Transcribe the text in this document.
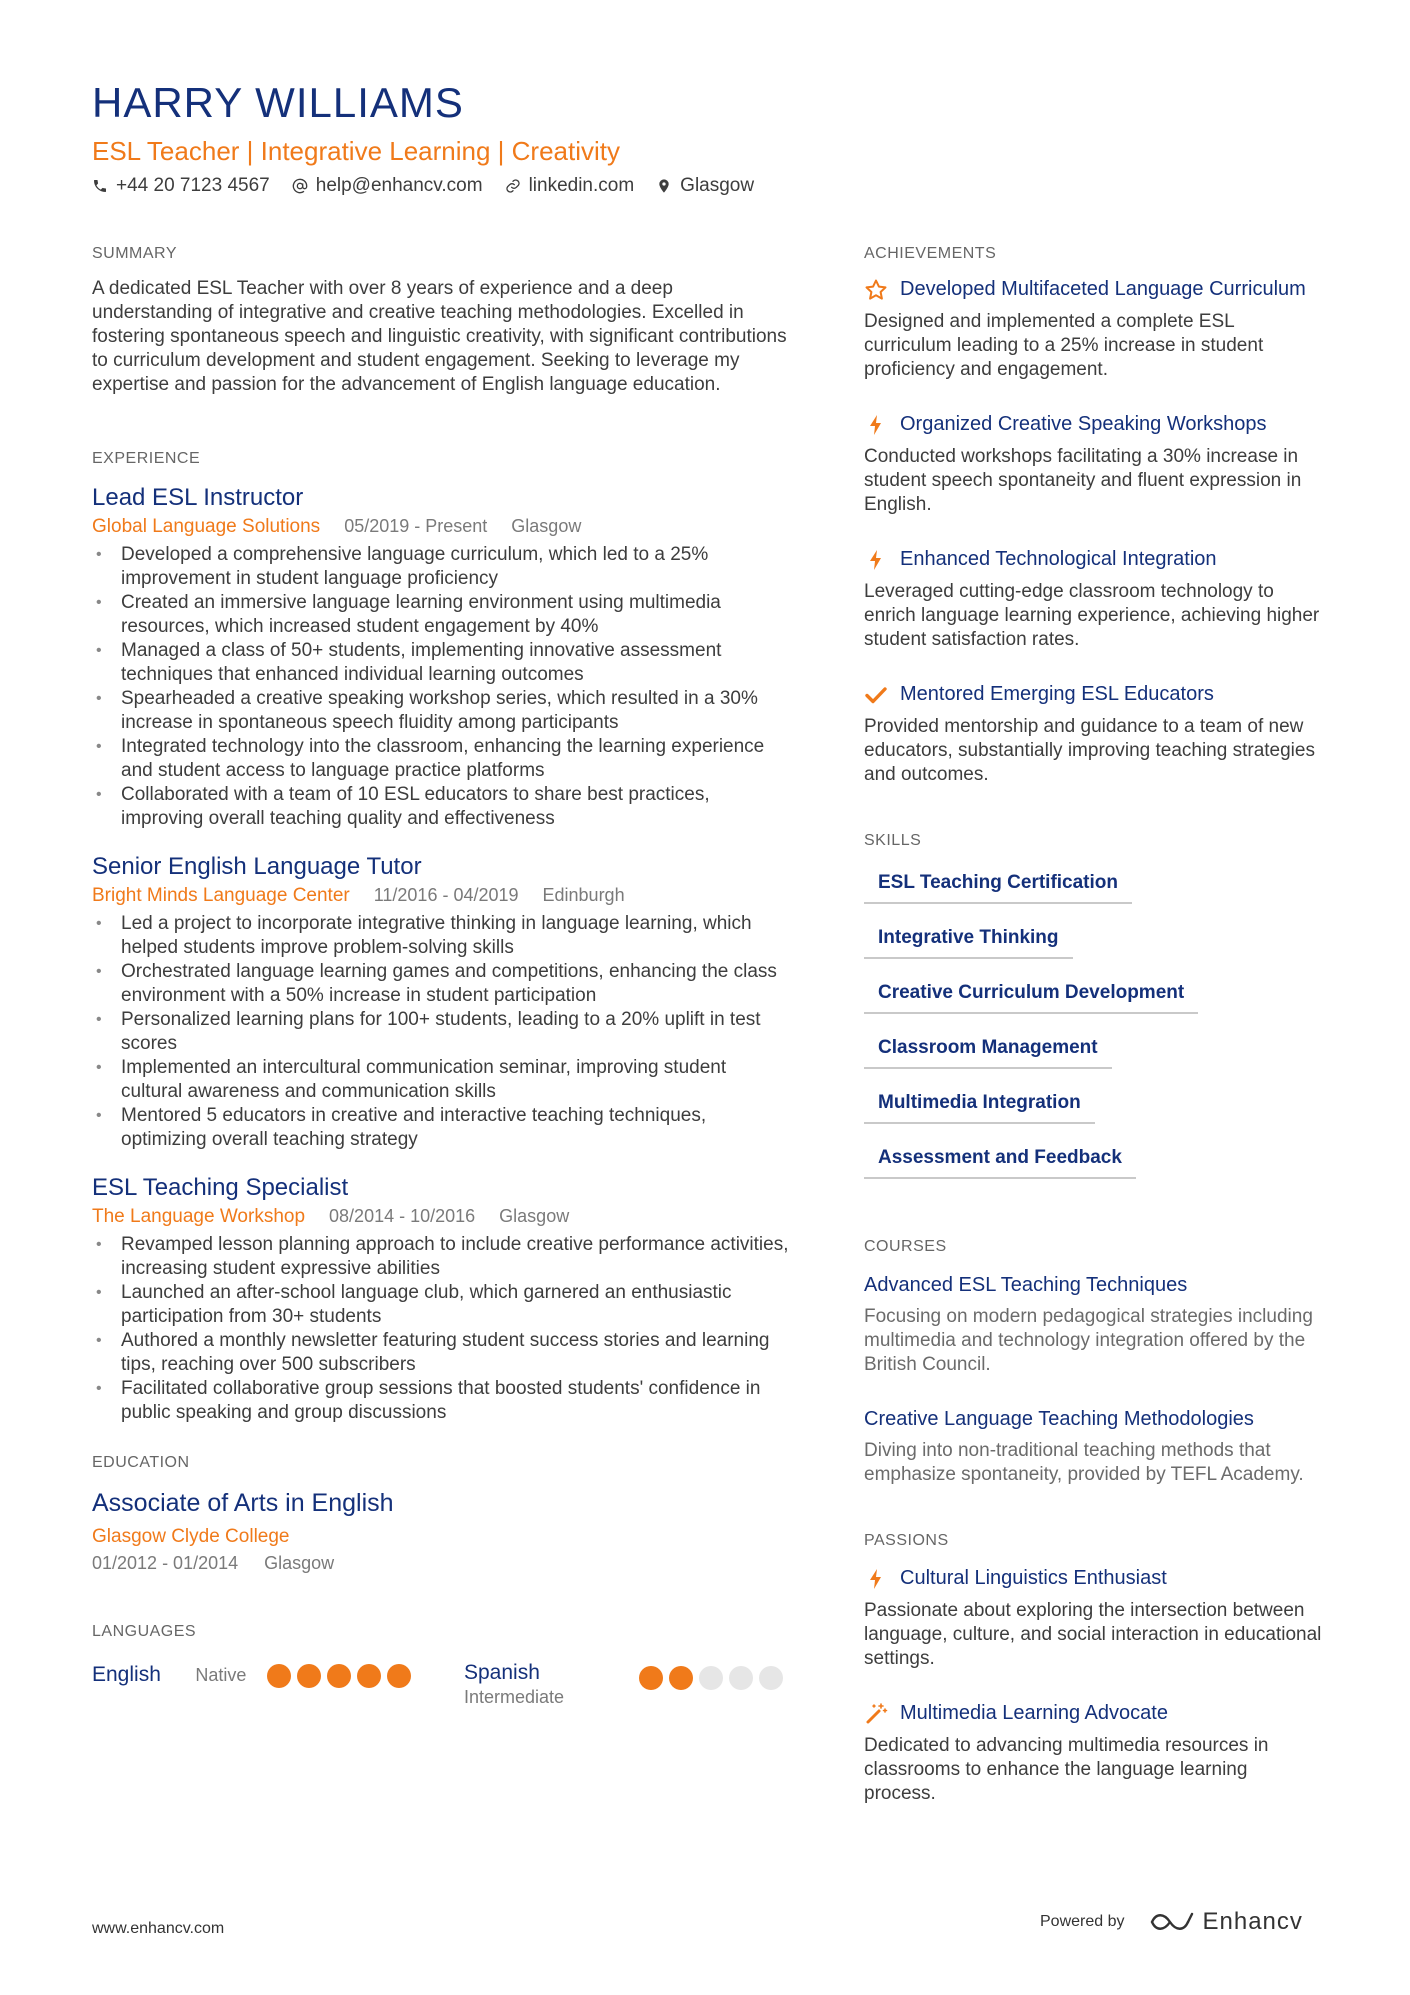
HARRY WILLIAMS
ESL Teacher | Integrative Learning | Creativity
+44 20 7123 4567 help@enhancv.com linkedin.com Glasgow
SUMMARY

A dedicated ESL Teacher with over 8 years of experience and a deep understanding of integrative and creative teaching methodologies. Excelled in fostering spontaneous speech and linguistic creativity, with significant contributions to curriculum development and student engagement. Seeking to leverage my expertise and passion for the advancement of English language education.

EXPERIENCE
Lead ESL Instructor
Global Language Solutions 05/2019 - Present Glasgow
• Developed a comprehensive language curriculum, which led to a 25% improvement in student language proficiency
• Created an immersive language learning environment using multimedia resources, which increased student engagement by 40%
• Managed a class of 50+ students, implementing innovative assessment techniques that enhanced individual learning outcomes
• Spearheaded a creative speaking workshop series, which resulted in a 30% increase in spontaneous speech fluidity among participants
• Integrated technology into the classroom, enhancing the learning experience and student access to language practice platforms
• Collaborated with a team of 10 ESL educators to share best practices, improving overall teaching quality and effectiveness
Senior English Language Tutor
Bright Minds Language Center 11/2016 - 04/2019 Edinburgh
• Led a project to incorporate integrative thinking in language learning, which helped students improve problem-solving skills
• Orchestrated language learning games and competitions, enhancing the class environment with a 50% increase in student participation
• Personalized learning plans for 100+ students, leading to a 20% uplift in test scores
• Implemented an intercultural communication seminar, improving student cultural awareness and communication skills
• Mentored 5 educators in creative and interactive teaching techniques, optimizing overall teaching strategy
ESL Teaching Specialist
The Language Workshop 08/2014 - 10/2016 Glasgow
• Revamped lesson planning approach to include creative performance activities, increasing student expressive abilities
• Launched an after-school language club, which garnered an enthusiastic participation from 30+ students
• Authored a monthly newsletter featuring student success stories and learning tips, reaching over 500 subscribers
• Facilitated collaborative group sessions that boosted students' confidence in public speaking and group discussions
EDUCATION
Associate of Arts in English
Glasgow Clyde College
01/2012 - 01/2014 Glasgow
LANGUAGES
English Native	Spanish
Intermediate
ACHIEVEMENTS
Developed Multifaceted Language Curriculum
Designed and implemented a complete ESL curriculum leading to a 25% increase in student proficiency and engagement.
Organized Creative Speaking Workshops
Conducted workshops facilitating a 30% increase in student speech spontaneity and fluent expression in English.
Enhanced Technological Integration
Leveraged cutting-edge classroom technology to enrich language learning experience, achieving higher student satisfaction rates.
Mentored Emerging ESL Educators
Provided mentorship and guidance to a team of new educators, substantially improving teaching strategies and outcomes.
SKILLS
ESL Teaching Certification
Integrative Thinking
Creative Curriculum Development
Classroom Management
Multimedia Integration
Assessment and Feedback
COURSES
Advanced ESL Teaching Techniques
Focusing on modern pedagogical strategies including multimedia and technology integration offered by the British Council.
Creative Language Teaching Methodologies
Diving into non-traditional teaching methods that emphasize spontaneity, provided by TEFL Academy.
PASSIONS
Cultural Linguistics Enthusiast
Passionate about exploring the intersection between language, culture, and social interaction in educational settings.
Multimedia Learning Advocate
Dedicated to advancing multimedia resources in classrooms to enhance the language learning process.
www.enhancv.com	Powered by	Enhancv
